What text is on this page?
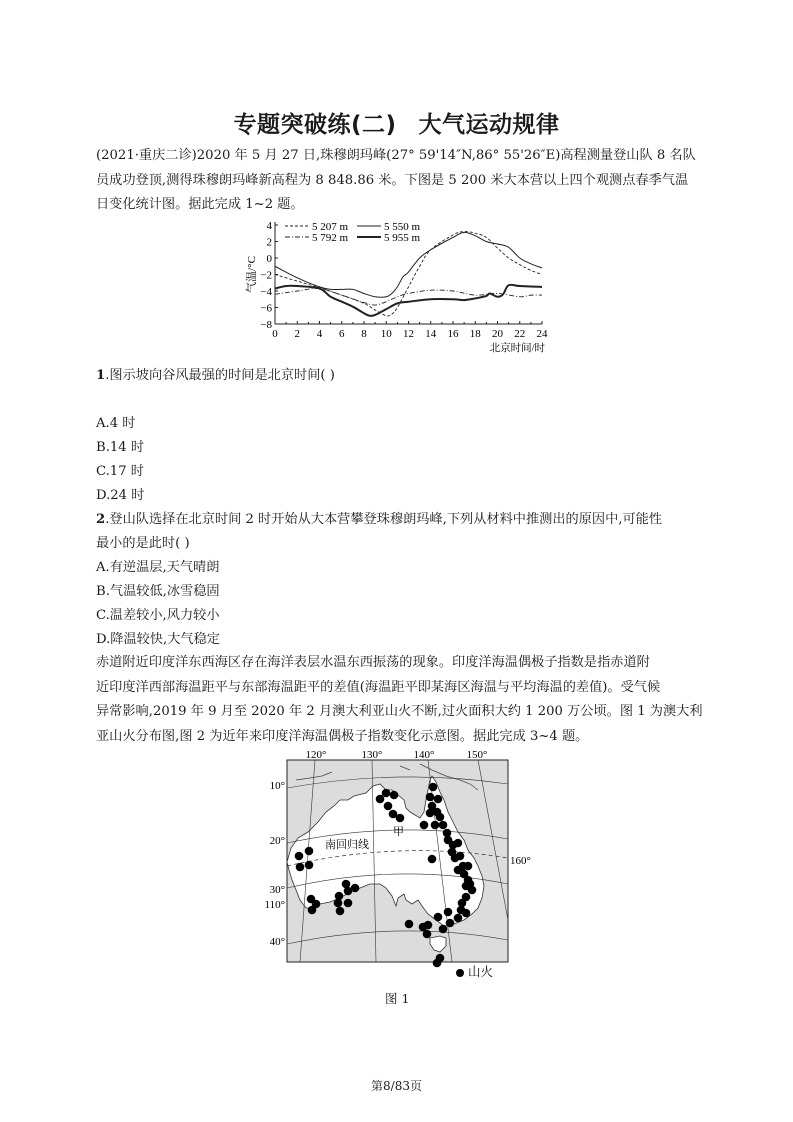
专题突破练(二) 大气运动规律
(2021·重庆二诊)2020 年 5 月 27 日,珠穆朗玛峰(27° 59'14″N,86° 55'26″E)高程测量登山队 8 名队
员成功登顶,测得珠穆朗玛峰新高程为 8 848.86 米。下图是 5 200 米大本营以上四个观测点春季气温
日变化统计图。据此完成 1~2 题。
4
2
0
−2
−4
−6
−8
0 2 4 6 8 10 12 14 16 18 20 22 24
北京时间/时
气温/°C
5 207 m	5 550 m
5 792 m	5 955 m
1.图示坡向谷风最强的时间是北京时间( )
A.4 时
B.14 时
C.17 时
D.24 时
2.登山队选择在北京时间 2 时开始从大本营攀登珠穆朗玛峰,下列从材料中推测出的原因中,可能性
最小的是此时( )
A.有逆温层,天气晴朗
B.气温较低,冰雪稳固
C.温差较小,风力较小
D.降温较快,大气稳定
赤道附近印度洋东西海区存在海洋表层水温东西振荡的现象。印度洋海温偶极子指数是指赤道附
近印度洋西部海温距平与东部海温距平的差值(海温距平即某海区海温与平均海温的差值)。受气候
异常影响,2019 年 9 月至 2020 年 2 月澳大利亚山火不断,过火面积大约 1 200 万公顷。图 1 为澳大利
亚山火分布图,图 2 为近年来印度洋海温偶极子指数变化示意图。据此完成 3~4 题。
120°	130°	140°	150°
10°
20°
30°
40°
110°
160°
南回归线
甲
山火
图 1
第8/83页
